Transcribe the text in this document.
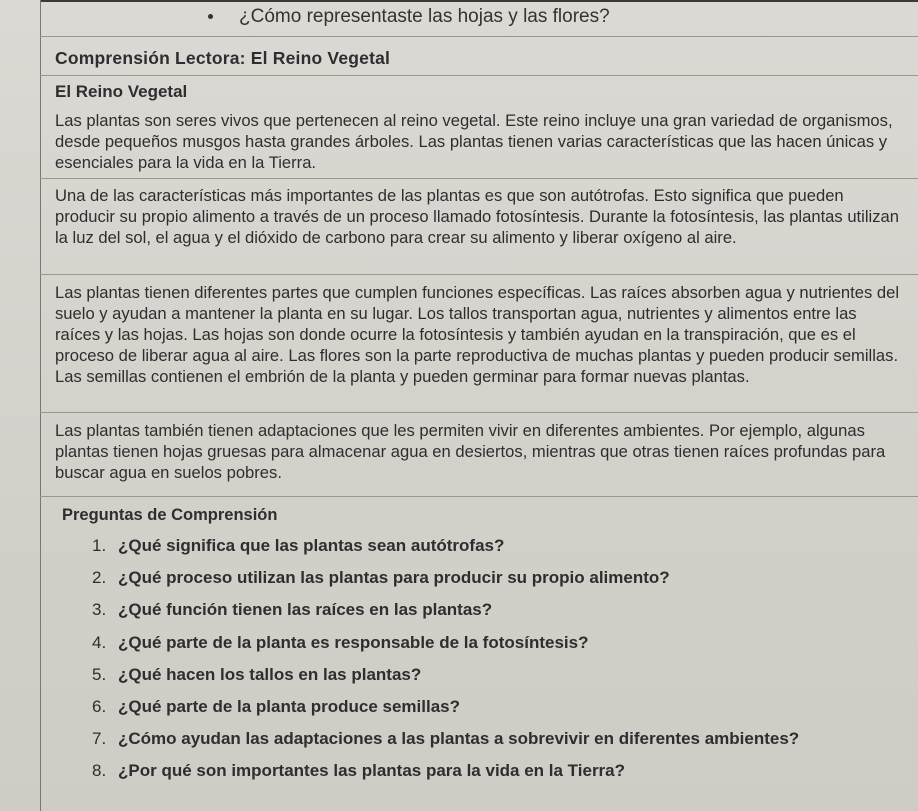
¿Cómo representaste las hojas y las flores?
Comprensión Lectora: El Reino Vegetal
El Reino Vegetal

Las plantas son seres vivos que pertenecen al reino vegetal. Este reino incluye una gran variedad de organismos, desde pequeños musgos hasta grandes árboles. Las plantas tienen varias características que las hacen únicas y esenciales para la vida en la Tierra.

Una de las características más importantes de las plantas es que son autótrofas. Esto significa que pueden producir su propio alimento a través de un proceso llamado fotosíntesis. Durante la fotosíntesis, las plantas utilizan la luz del sol, el agua y el dióxido de carbono para crear su alimento y liberar oxígeno al aire.

Las plantas tienen diferentes partes que cumplen funciones específicas. Las raíces absorben agua y nutrientes del suelo y ayudan a mantener la planta en su lugar. Los tallos transportan agua, nutrientes y alimentos entre las raíces y las hojas. Las hojas son donde ocurre la fotosíntesis y también ayudan en la transpiración, que es el proceso de liberar agua al aire. Las flores son la parte reproductiva de muchas plantas y pueden producir semillas. Las semillas contienen el embrión de la planta y pueden germinar para formar nuevas plantas.

Las plantas también tienen adaptaciones que les permiten vivir en diferentes ambientes. Por ejemplo, algunas plantas tienen hojas gruesas para almacenar agua en desiertos, mientras que otras tienen raíces profundas para buscar agua en suelos pobres.

Preguntas de Comprensión
1. ¿Qué significa que las plantas sean autótrofas?
2. ¿Qué proceso utilizan las plantas para producir su propio alimento?
3. ¿Qué función tienen las raíces en las plantas?
4. ¿Qué parte de la planta es responsable de la fotosíntesis?
5. ¿Qué hacen los tallos en las plantas?
6. ¿Qué parte de la planta produce semillas?
7. ¿Cómo ayudan las adaptaciones a las plantas a sobrevivir en diferentes ambientes?
8. ¿Por qué son importantes las plantas para la vida en la Tierra?
